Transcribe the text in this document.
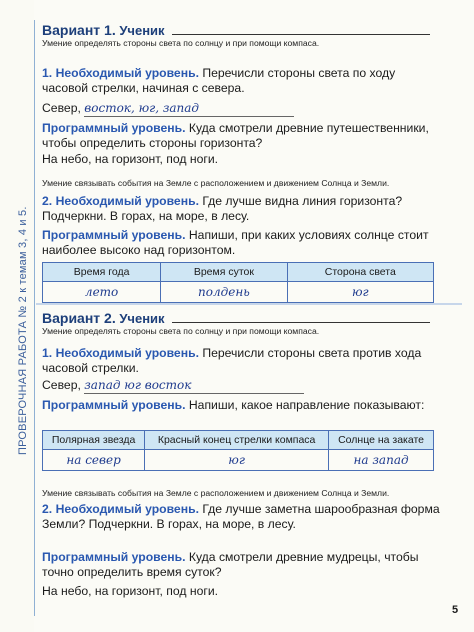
ПРОВЕРОЧНАЯ РАБОТА № 2 к темам 3, 4 и 5.
Вариант 1. Ученик
Умение определять стороны света по солнцу и при помощи компаса.
1. Необходимый уровень. Перечисли стороны света по ходу часовой стрелки, начиная с севера.
Север, восток, юг, запад
Программный уровень. Куда смотрели древние путешественники, чтобы определить стороны горизонта?
На небо, на горизонт, под ноги.
Умение связывать события на Земле с расположением и движением Солнца и Земли.
2. Необходимый уровень. Где лучше видна линия горизонта? Подчеркни. В горах, на море, в лесу.
Программный уровень. Напиши, при каких условиях солнце стоит наиболее высоко над горизонтом.
Время года	Время суток	Сторона света
лето	полдень	юг
Вариант 2. Ученик
Умение определять стороны света по солнцу и при помощи компаса.
1. Необходимый уровень. Перечисли стороны света против хода часовой стрелки.
Север, запад юг восток
Программный уровень. Напиши, какое направление показывают:
Полярная звезда	Красный конец стрелки компаса	Солнце на закате
на север	юг	на запад
Умение связывать события на Земле с расположением и движением Солнца и Земли.
2. Необходимый уровень. Где лучше заметна шарообразная форма Земли? Подчеркни. В горах, на море, в лесу.
Программный уровень. Куда смотрели древние мудрецы, чтобы точно определить время суток?
На небо, на горизонт, под ноги.
5
